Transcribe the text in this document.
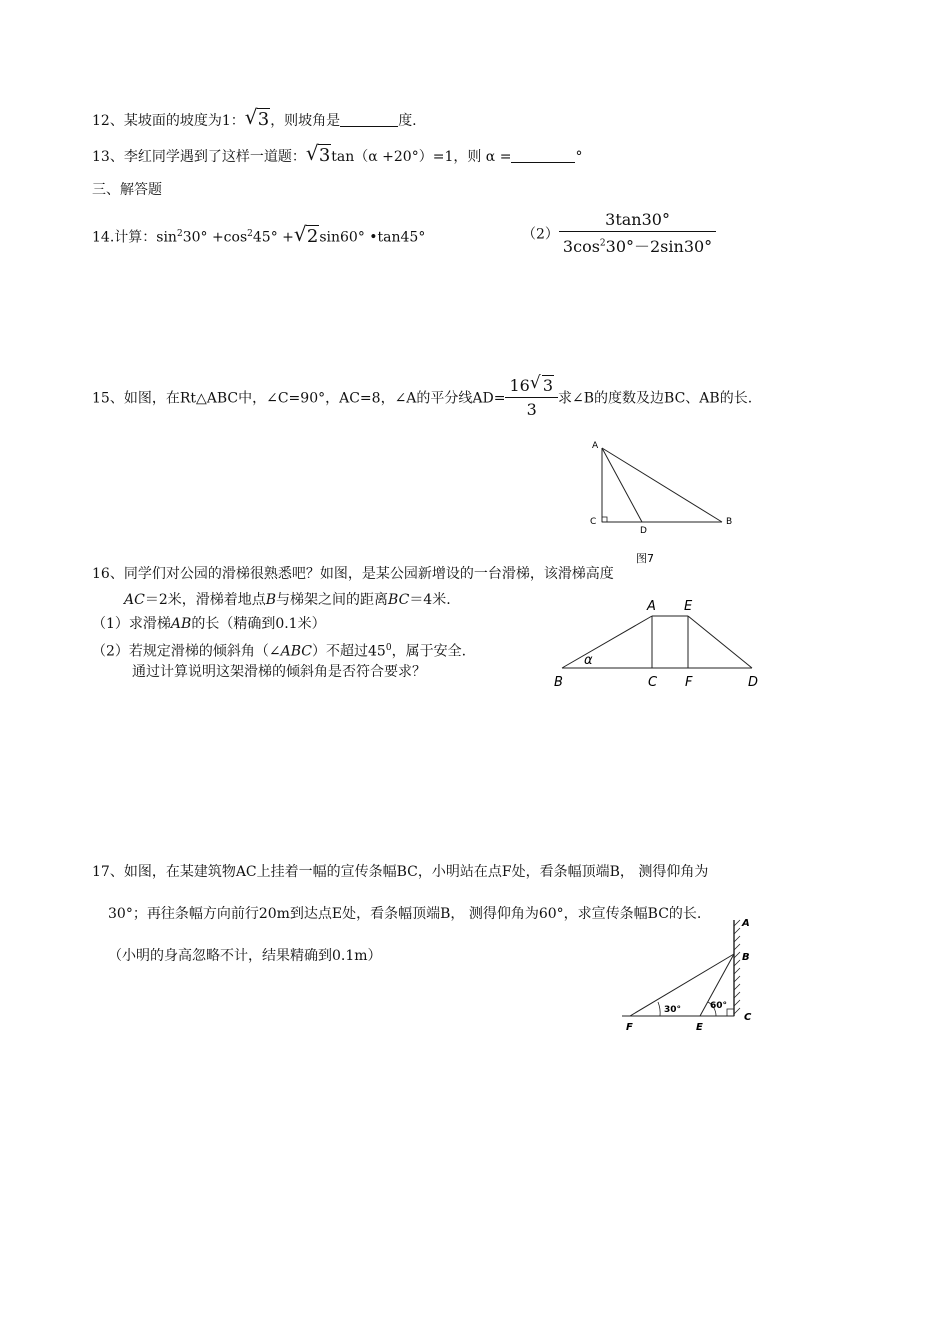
12、某坡面的坡度为1： √ 3，则坡角是	度.
13、李红同学遇到了这样一道题： √ 3tan（α +20°）=1，则 α =	°
三、解答题
14.计算：$\sin^230^\circ +\cos^245^\circ$ + √ 2sin60° •tan45°	$(2) \frac{3\tan 30^\circ}{3\cos^230^\circ-2\sin 30^\circ}$
15、如图，在Rt△ABC中，∠C=90°，AC=8，∠A的平分线$AD= \frac{16 √ 3}{3}$ 求∠B的度数及边BC、AB的长.
A
C
D
B
图7
16、同学们对公园的滑梯很熟悉吧？如图，是某公园新增设的一台滑梯，该滑梯高度
AC＝2米，滑梯着地点B与梯架之间的距离BC＝4米.
（1）求滑梯AB的长（精确到0.1米）
（2）若规定滑梯的倾斜角（∠ABC）不超过$45^0$，属于安全.
通过计算说明这架滑梯的倾斜角是否符合要求？
A E
α
B	C F	D
17、如图，在某建筑物AC上挂着一幅的宣传条幅BC，小明站在点F处，看条幅顶端B， 测得仰角为
30°；再往条幅方向前行20m到达点E处，看条幅顶端B， 测得仰角为60°，求宣传条幅BC的长.
（小明的身高忽略不计，结果精确到0.1m）
A
B
C
E
F
30°	60°
